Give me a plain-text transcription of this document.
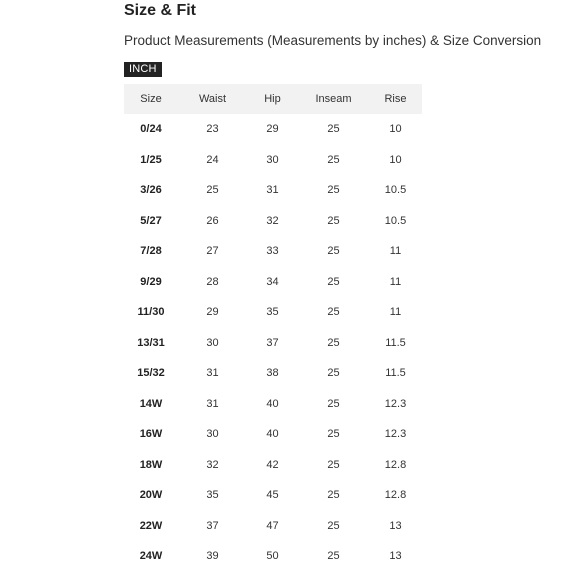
Size & Fit

Product Measurements (Measurements by inches) & Size Conversion

INCH
Size	Waist	Hip	Inseam	Rise
0/24	23	29	25	10
1/25	24	30	25	10
3/26	25	31	25	10.5
5/27	26	32	25	10.5
7/28	27	33	25	11
9/29	28	34	25	11
11/30	29	35	25	11
13/31	30	37	25	11.5
15/32	31	38	25	11.5
14W	31	40	25	12.3
16W	30	40	25	12.3
18W	32	42	25	12.8
20W	35	45	25	12.8
22W	37	47	25	13
24W	39	50	25	13
